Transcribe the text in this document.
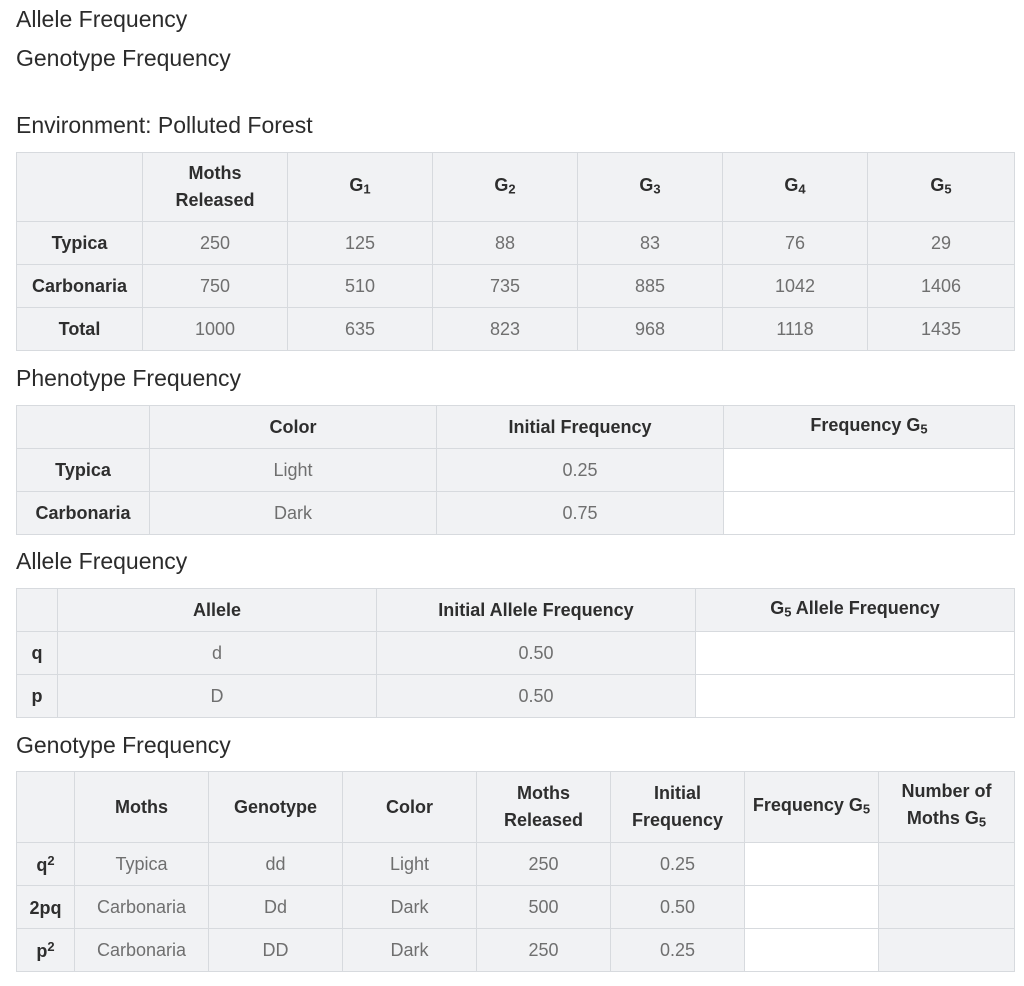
Allele Frequency
Genotype Frequency
Environment: Polluted Forest
	Moths Released	$G_1$	$G_2$	$G_3$	$G_4$	$G_5$
Typica	250	125	88	83	76	29
Carbonaria	750	510	735	885	1042	1406
Total	1000	635	823	968	1118	1435
Phenotype Frequency
	Color	Initial Frequency	Frequency $G_5$
Typica	Light	0.25	
Carbonaria	Dark	0.75	
Allele Frequency
	Allele	Initial Allele Frequency	$G_5$ Allele Frequency
q	d	0.50	
p	D	0.50	
Genotype Frequency
	Moths	Genotype	Color	Moths Released	Initial Frequency	Frequency $G_5$	Number of Moths $G_5$
$q^2$	Typica	dd	Light	250	0.25		
2pq	Carbonaria	Dd	Dark	500	0.50		
$p^2$	Carbonaria	DD	Dark	250	0.25		
